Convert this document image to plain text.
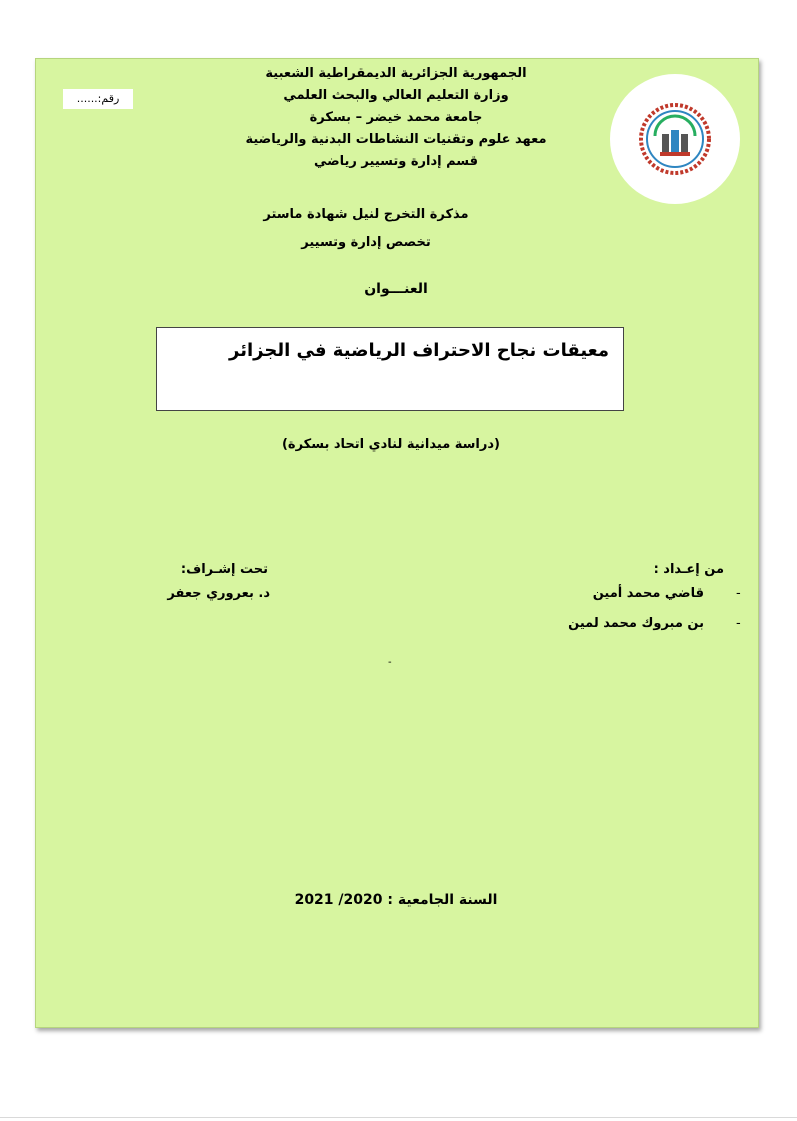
الجمهورية الجزائرية الديمقراطية الشعبية
وزارة التعليم العالي والبحث العلمي
جامعة محمد خيضر – بسكرة
معهد علوم وتقنيات النشاطات البدنية والرياضية
قسم إدارة وتسيير رياضي
رقم:......
مذكرة التخرج لنيل شهادة ماستر
تخصص إدارة وتسيير
العنـــوان
معيقات نجاح الاحتراف الرياضية في الجزائر
(دراسة ميدانية لنادي اتحاد بسكرة)
من إعـداد :
-
قاضي محمد أمين
-
بن مبروك محمد لمين
تحت إشـراف:
د. بعروري جعفر
-
السنة الجامعية : 2020/ 2021
